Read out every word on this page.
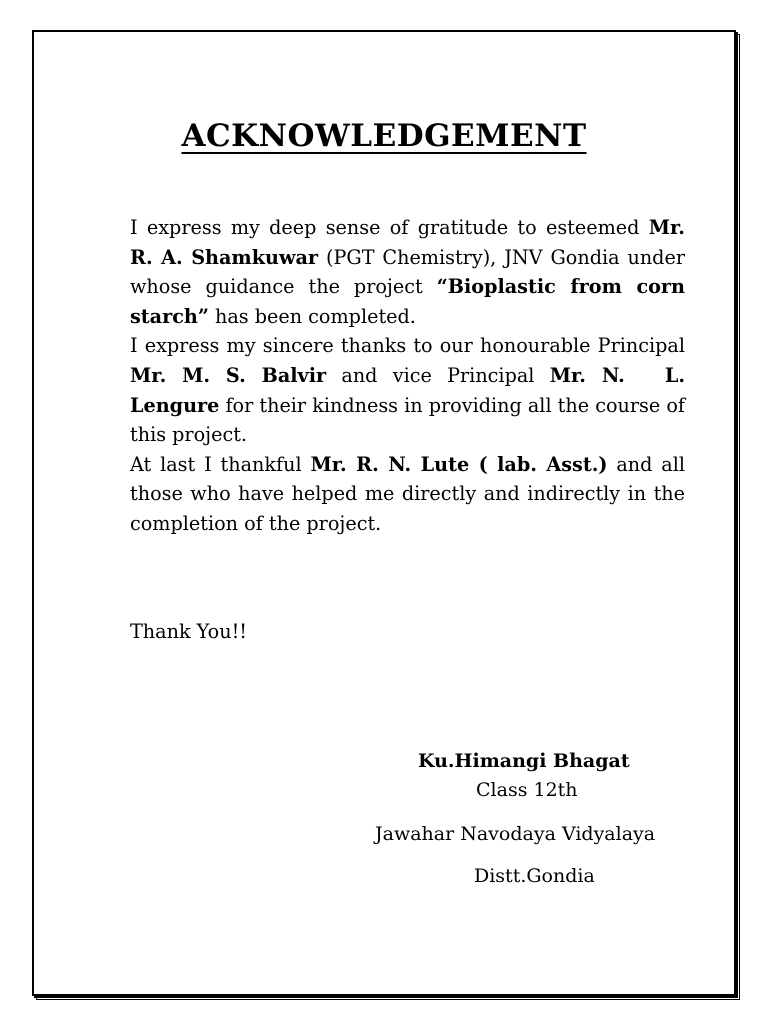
ACKNOWLEDGEMENT

I express my deep sense of gratitude to esteemed Mr. R. A. Shamkuwar (PGT Chemistry), JNV Gondia under whose guidance the project “Bioplastic from corn starch” has been completed.

I express my sincere thanks to our honourable Principal Mr. M. S. Balvir and vice Principal Mr. N. L. Lengure for their kindness in providing all the course of this project.

At last I thankful Mr. R. N. Lute ( lab. Asst.) and all those who have helped me directly and indirectly in the completion of the project.

Thank You!!

Ku.Himangi Bhagat

Class 12th

Jawahar Navodaya Vidyalaya

Distt.Gondia
